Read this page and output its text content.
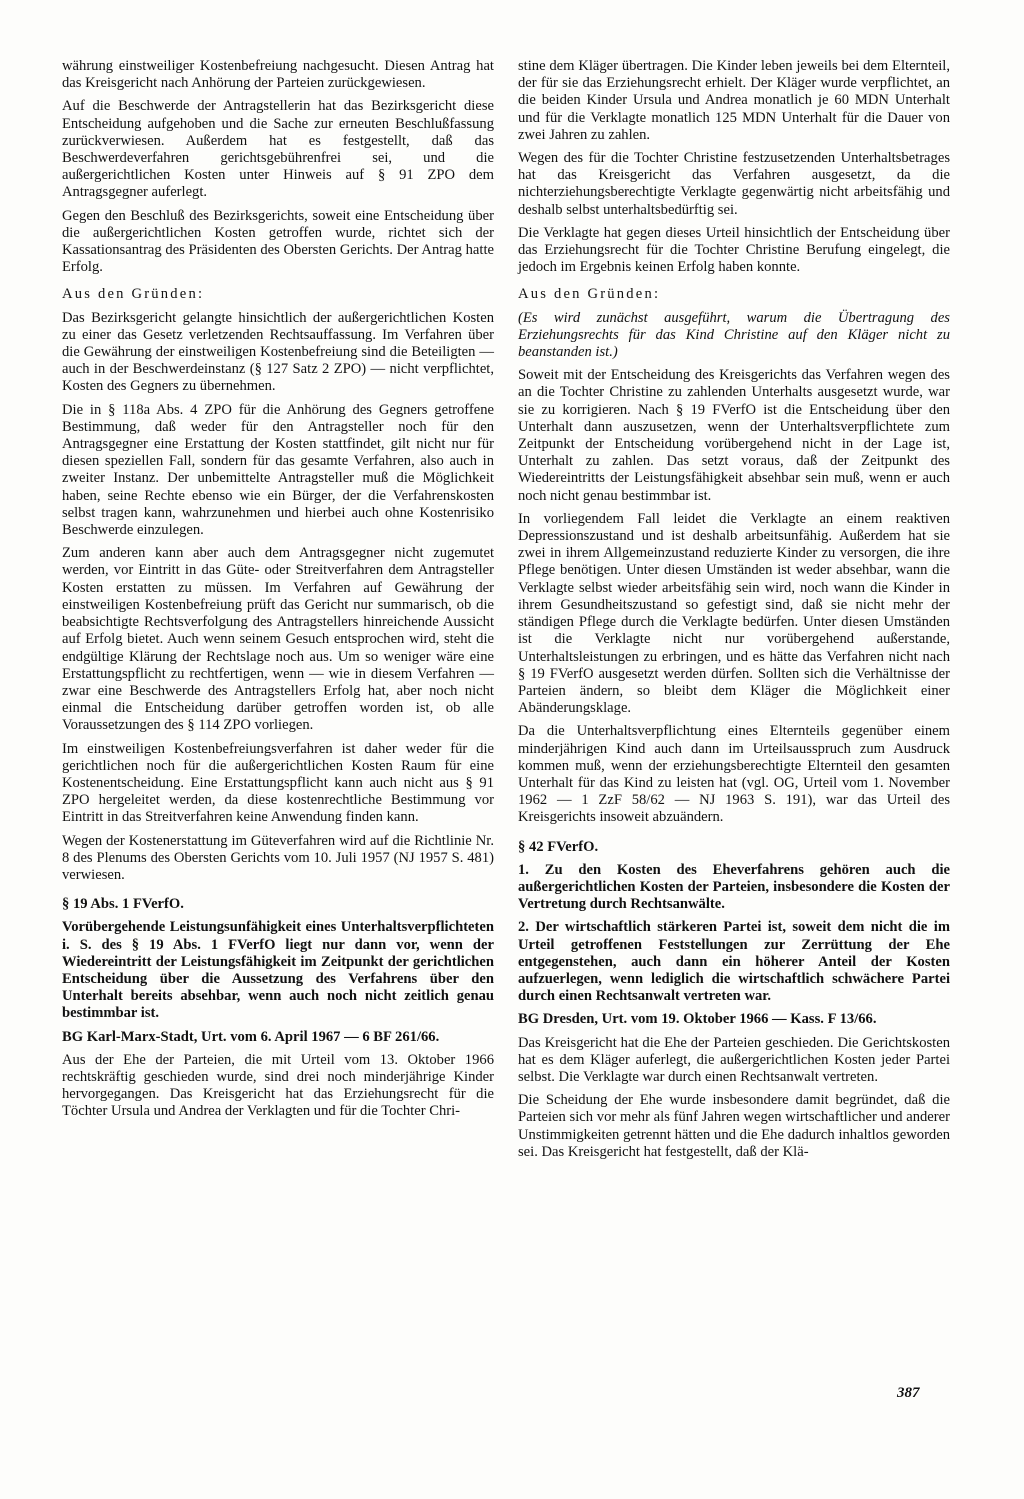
währung einstweiliger Kostenbefreiung nachgesucht. Diesen Antrag hat das Kreisgericht nach Anhörung der Parteien zurückgewiesen.

Auf die Beschwerde der Antragstellerin hat das Bezirksgericht diese Entscheidung aufgehoben und die Sache zur erneuten Beschlußfassung zurückverwiesen. Außerdem hat es festgestellt, daß das Beschwerdeverfahren gerichtsgebührenfrei sei, und die außergerichtlichen Kosten unter Hinweis auf § 91 ZPO dem Antragsgegner auferlegt.

Gegen den Beschluß des Bezirksgerichts, soweit eine Entscheidung über die außergerichtlichen Kosten getroffen wurde, richtet sich der Kassationsantrag des Präsidenten des Obersten Gerichts. Der Antrag hatte Erfolg.

Aus den Gründen:

Das Bezirksgericht gelangte hinsichtlich der außergerichtlichen Kosten zu einer das Gesetz verletzenden Rechtsauffassung. Im Verfahren über die Gewährung der einstweiligen Kostenbefreiung sind die Beteiligten — auch in der Beschwerdeinstanz (§ 127 Satz 2 ZPO) — nicht verpflichtet, Kosten des Gegners zu übernehmen.

Die in § 118a Abs. 4 ZPO für die Anhörung des Gegners getroffene Bestimmung, daß weder für den Antragsteller noch für den Antragsgegner eine Erstattung der Kosten stattfindet, gilt nicht nur für diesen speziellen Fall, sondern für das gesamte Verfahren, also auch in zweiter Instanz. Der unbemittelte Antragsteller muß die Möglichkeit haben, seine Rechte ebenso wie ein Bürger, der die Verfahrenskosten selbst tragen kann, wahrzunehmen und hierbei auch ohne Kostenrisiko Beschwerde einzulegen.

Zum anderen kann aber auch dem Antragsgegner nicht zugemutet werden, vor Eintritt in das Güte- oder Streitverfahren dem Antragsteller Kosten erstatten zu müssen. Im Verfahren auf Gewährung der einstweiligen Kostenbefreiung prüft das Gericht nur summarisch, ob die beabsichtigte Rechtsverfolgung des Antragstellers hinreichende Aussicht auf Erfolg bietet. Auch wenn seinem Gesuch entsprochen wird, steht die endgültige Klärung der Rechtslage noch aus. Um so weniger wäre eine Erstattungspflicht zu rechtfertigen, wenn — wie in diesem Verfahren — zwar eine Beschwerde des Antragstellers Erfolg hat, aber noch nicht einmal die Entscheidung darüber getroffen worden ist, ob alle Voraussetzungen des § 114 ZPO vorliegen.

Im einstweiligen Kostenbefreiungsverfahren ist daher weder für die gerichtlichen noch für die außergerichtlichen Kosten Raum für eine Kostenentscheidung. Eine Erstattungspflicht kann auch nicht aus § 91 ZPO hergeleitet werden, da diese kostenrechtliche Bestimmung vor Eintritt in das Streitverfahren keine Anwendung finden kann.

Wegen der Kostenerstattung im Güteverfahren wird auf die Richtlinie Nr. 8 des Plenums des Obersten Gerichts vom 10. Juli 1957 (NJ 1957 S. 481) verwiesen.

§ 19 Abs. 1 FVerfO.

Vorübergehende Leistungsunfähigkeit eines Unterhaltsverpflichteten i. S. des § 19 Abs. 1 FVerfO liegt nur dann vor, wenn der Wiedereintritt der Leistungsfähigkeit im Zeitpunkt der gerichtlichen Entscheidung über die Aussetzung des Verfahrens über den Unterhalt bereits absehbar, wenn auch noch nicht zeitlich genau bestimmbar ist.

BG Karl-Marx-Stadt, Urt. vom 6. April 1967 — 6 BF 261/66.

Aus der Ehe der Parteien, die mit Urteil vom 13. Oktober 1966 rechtskräftig geschieden wurde, sind drei noch minderjährige Kinder hervorgegangen. Das Kreisgericht hat das Erziehungsrecht für die Töchter Ursula und Andrea der Verklagten und für die Tochter Chri-

stine dem Kläger übertragen. Die Kinder leben jeweils bei dem Elternteil, der für sie das Erziehungsrecht erhielt. Der Kläger wurde verpflichtet, an die beiden Kinder Ursula und Andrea monatlich je 60 MDN Unterhalt und für die Verklagte monatlich 125 MDN Unterhalt für die Dauer von zwei Jahren zu zahlen.

Wegen des für die Tochter Christine festzusetzenden Unterhaltsbetrages hat das Kreisgericht das Verfahren ausgesetzt, da die nichterziehungsberechtigte Verklagte gegenwärtig nicht arbeitsfähig und deshalb selbst unterhaltsbedürftig sei.

Die Verklagte hat gegen dieses Urteil hinsichtlich der Entscheidung über das Erziehungsrecht für die Tochter Christine Berufung eingelegt, die jedoch im Ergebnis keinen Erfolg haben konnte.

Aus den Gründen:

(Es wird zunächst ausgeführt, warum die Übertragung des Erziehungsrechts für das Kind Christine auf den Kläger nicht zu beanstanden ist.)

Soweit mit der Entscheidung des Kreisgerichts das Verfahren wegen des an die Tochter Christine zu zahlenden Unterhalts ausgesetzt wurde, war sie zu korrigieren. Nach § 19 FVerfO ist die Entscheidung über den Unterhalt dann auszusetzen, wenn der Unterhaltsverpflichtete zum Zeitpunkt der Entscheidung vorübergehend nicht in der Lage ist, Unterhalt zu zahlen. Das setzt voraus, daß der Zeitpunkt des Wiedereintritts der Leistungsfähigkeit absehbar sein muß, wenn er auch noch nicht genau bestimmbar ist.

In vorliegendem Fall leidet die Verklagte an einem reaktiven Depressionszustand und ist deshalb arbeitsunfähig. Außerdem hat sie zwei in ihrem Allgemeinzustand reduzierte Kinder zu versorgen, die ihre Pflege benötigen. Unter diesen Umständen ist weder absehbar, wann die Verklagte selbst wieder arbeitsfähig sein wird, noch wann die Kinder in ihrem Gesundheitszustand so gefestigt sind, daß sie nicht mehr der ständigen Pflege durch die Verklagte bedürfen. Unter diesen Umständen ist die Verklagte nicht nur vorübergehend außerstande, Unterhaltsleistungen zu erbringen, und es hätte das Verfahren nicht nach § 19 FVerfO ausgesetzt werden dürfen. Sollten sich die Verhältnisse der Parteien ändern, so bleibt dem Kläger die Möglichkeit einer Abänderungsklage.

Da die Unterhaltsverpflichtung eines Elternteils gegenüber einem minderjährigen Kind auch dann im Urteilsausspruch zum Ausdruck kommen muß, wenn der erziehungsberechtigte Elternteil den gesamten Unterhalt für das Kind zu leisten hat (vgl. OG, Urteil vom 1. November 1962 — 1 ZzF 58/62 — NJ 1963 S. 191), war das Urteil des Kreisgerichts insoweit abzuändern.

§ 42 FVerfO.

1. Zu den Kosten des Eheverfahrens gehören auch die außergerichtlichen Kosten der Parteien, insbesondere die Kosten der Vertretung durch Rechtsanwälte.

2. Der wirtschaftlich stärkeren Partei ist, soweit dem nicht die im Urteil getroffenen Feststellungen zur Zerrüttung der Ehe entgegenstehen, auch dann ein höherer Anteil der Kosten aufzuerlegen, wenn lediglich die wirtschaftlich schwächere Partei durch einen Rechtsanwalt vertreten war.

BG Dresden, Urt. vom 19. Oktober 1966 — Kass. F 13/66.

Das Kreisgericht hat die Ehe der Parteien geschieden. Die Gerichtskosten hat es dem Kläger auferlegt, die außergerichtlichen Kosten jeder Partei selbst. Die Verklagte war durch einen Rechtsanwalt vertreten.

Die Scheidung der Ehe wurde insbesondere damit begründet, daß die Parteien sich vor mehr als fünf Jahren wegen wirtschaftlicher und anderer Unstimmigkeiten getrennt hätten und die Ehe dadurch inhaltlos geworden sei. Das Kreisgericht hat festgestellt, daß der Klä-

387
